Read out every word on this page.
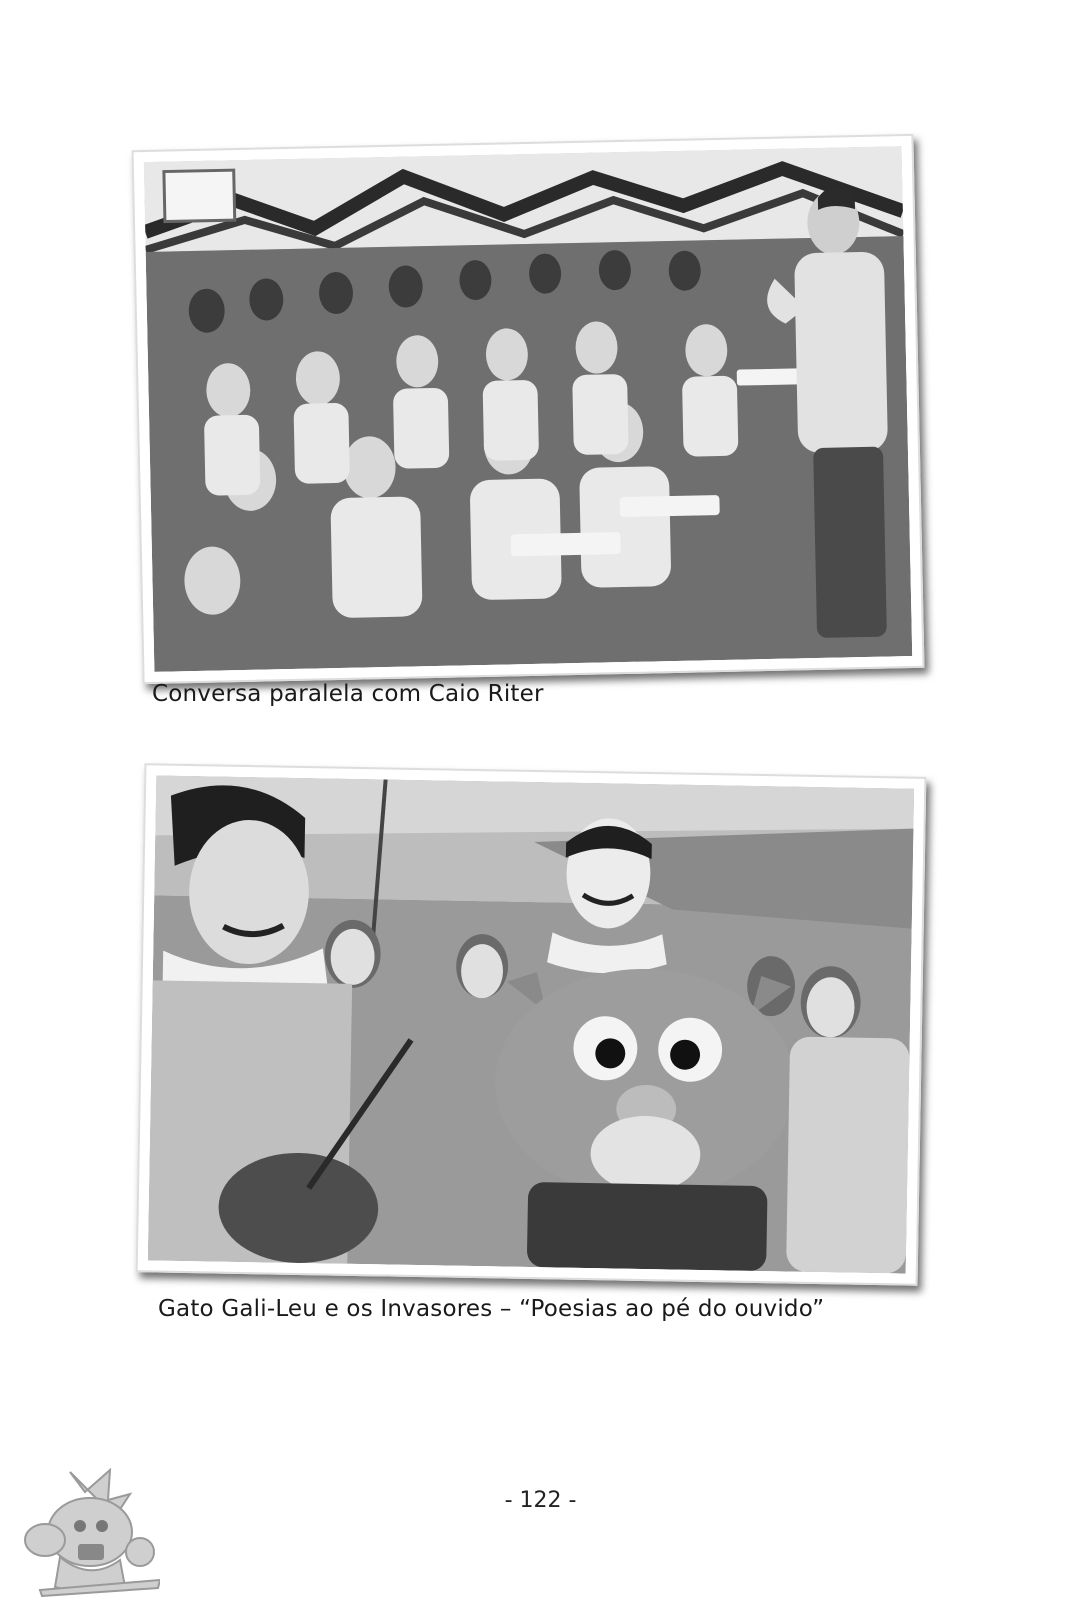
Conversa paralela com Caio Riter
Gato Gali-Leu e os Invasores – “Poesias ao pé do ouvido”
- 122 -
